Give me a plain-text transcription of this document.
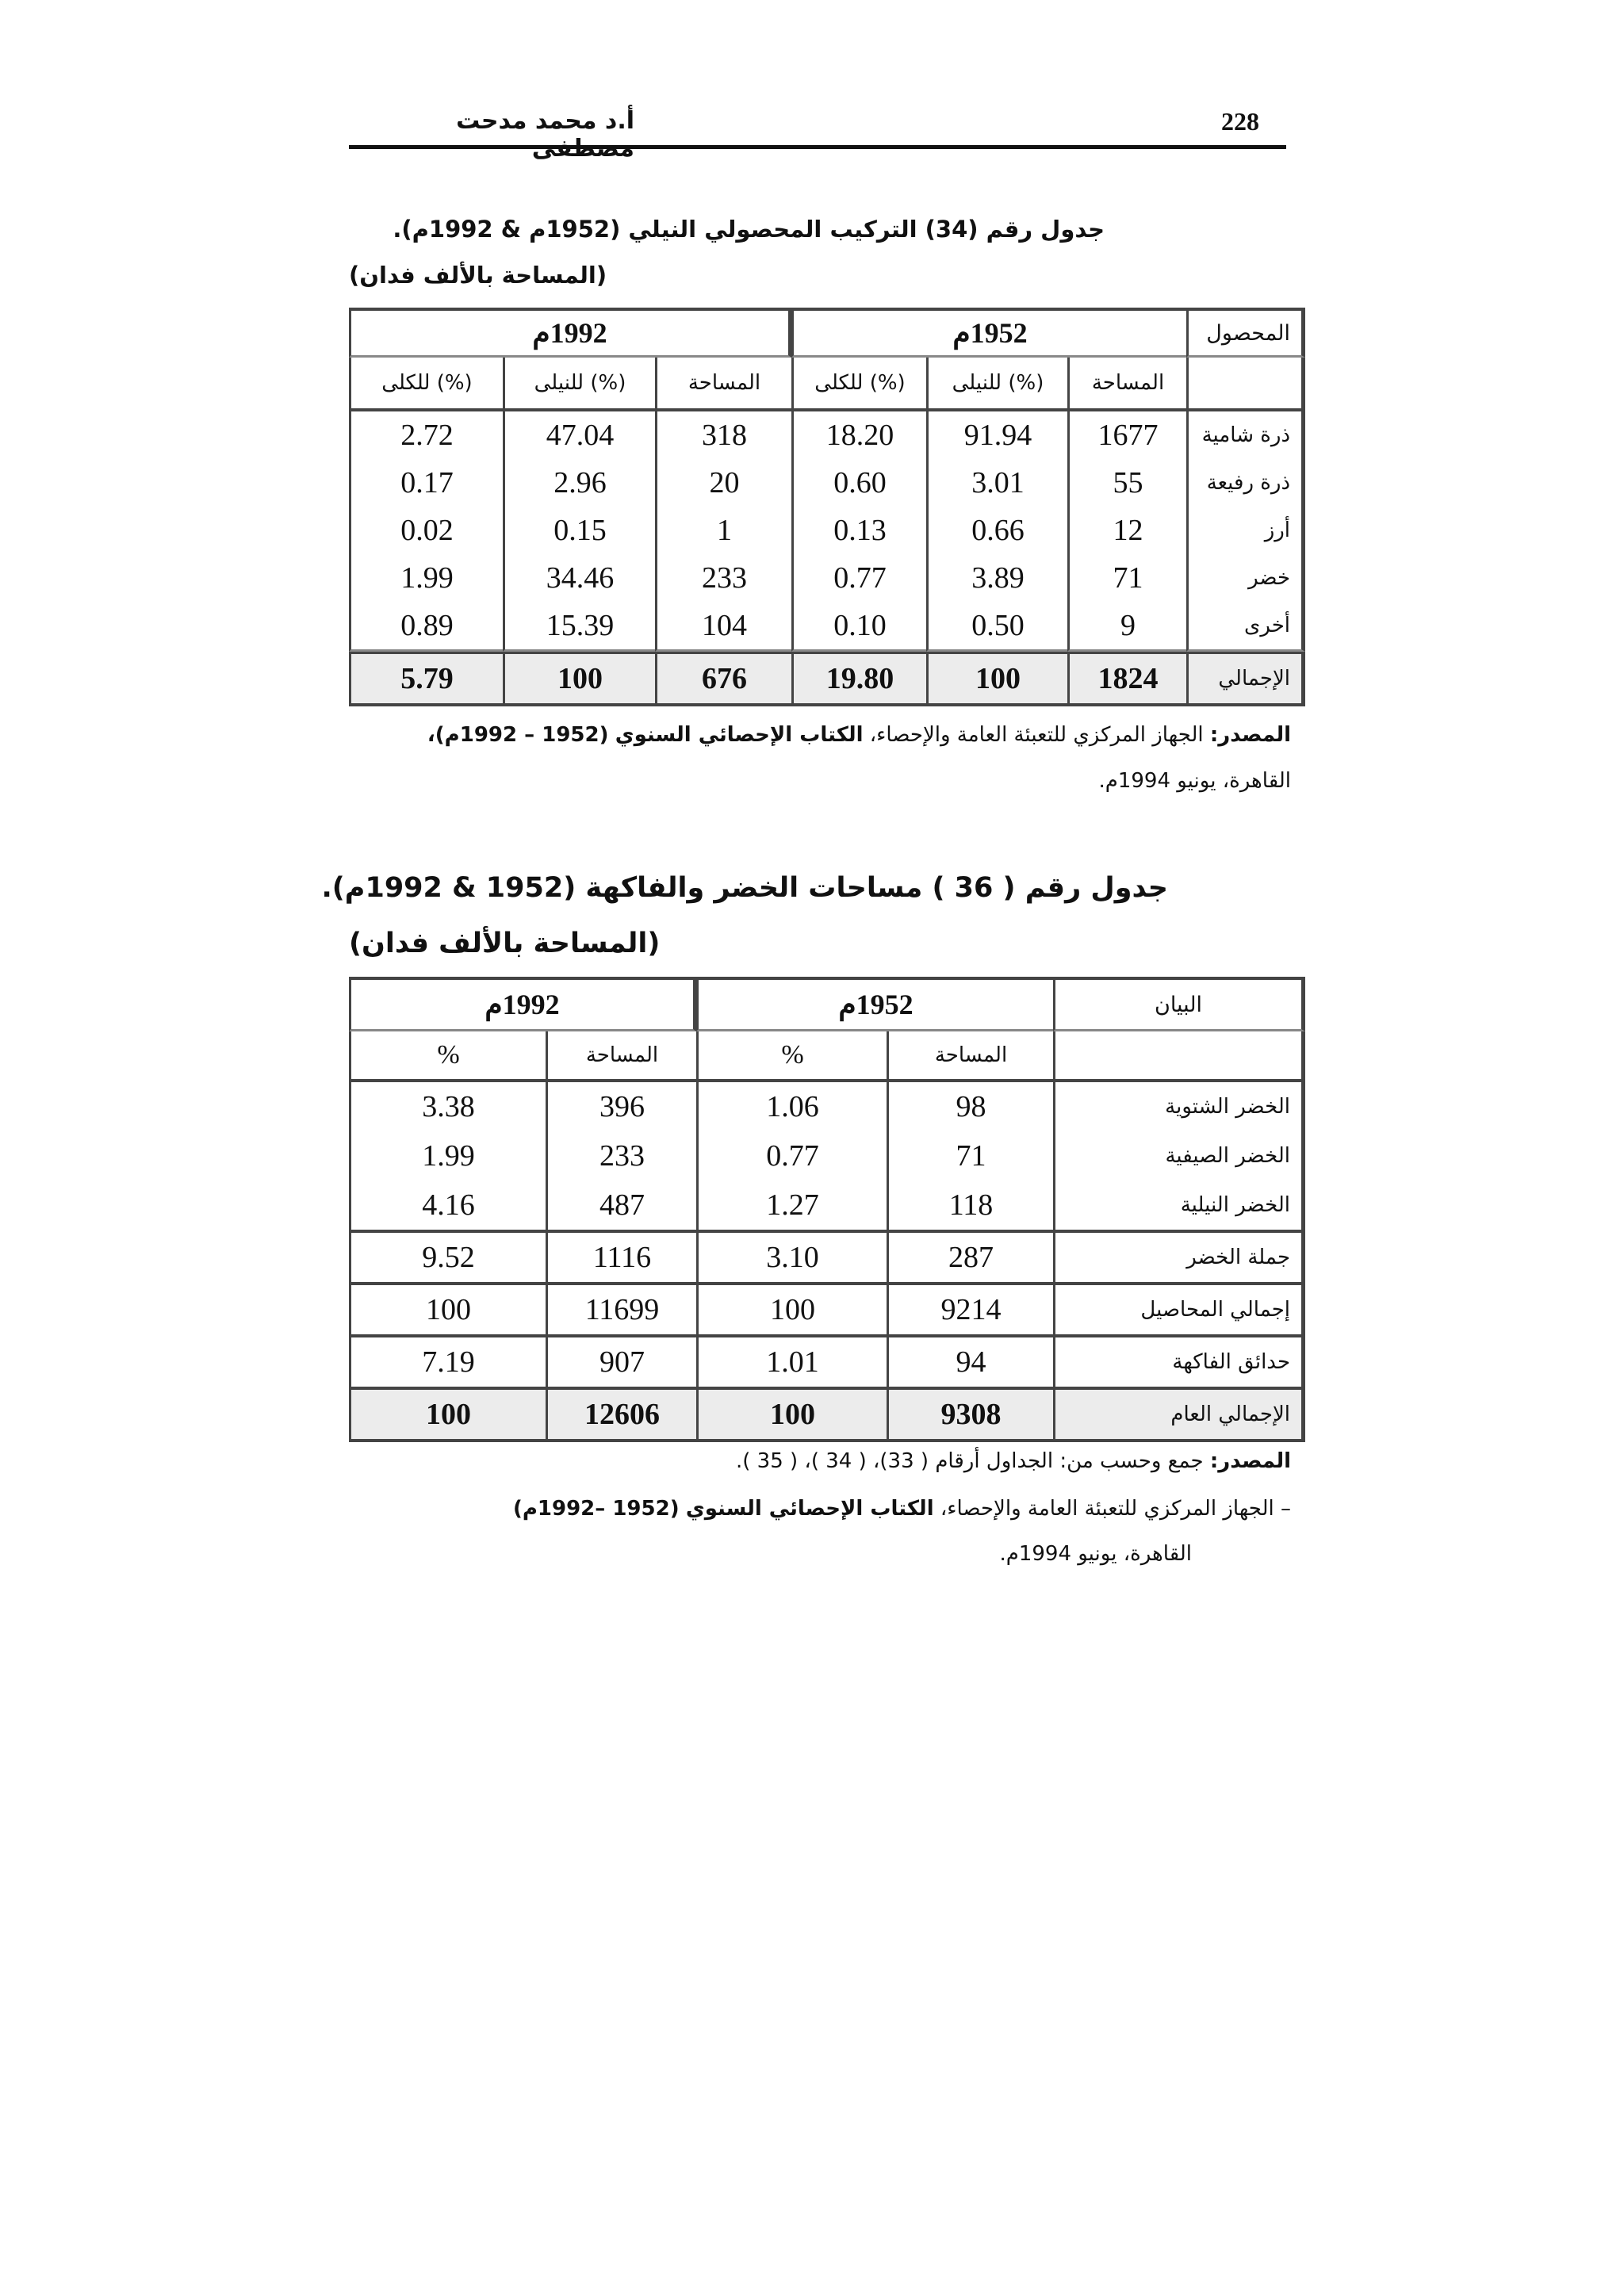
228
أ.د محمد مدحت
جدول رقم (34) التركيب المحصولي النيلي (1952م & 1992م).
(المساحة بالألف فدان)
1992م			1952م			المحصول
(%) للكلى	(%) للنيلى	المساحة	(%) للكلى	(%) للنيلى	المساحة	
2.72	47.04	318	18.20	91.94	1677	ذرة شامية
0.17	2.96	20	0.60	3.01	55	ذرة رفيعة
0.02	0.15	1	0.13	0.66	12	أرز
1.99	34.46	233	0.77	3.89	71	خضر
0.89	15.39	104	0.10	0.50	9	أخرى
5.79	100	676	19.80	100	1824	الإجمالي
المصدر: الجهاز المركزي للتعبئة العامة والإحصاء، الكتاب الإحصائي السنوي (1952 – 1992م)،
القاهرة، يونيو 1994م.
جدول رقم ( 36 ) مساحات الخضر والفاكهة (1952 & 1992م).
(المساحة بالألف فدان)
1992م		1952م		البيان
%	المساحة	%	المساحة	
3.38	396	1.06	98	الخضر الشتوية
1.99	233	0.77	71	الخضر الصيفية
4.16	487	1.27	118	الخضر النيلية
9.52	1116	3.10	287	جملة الخضر
100	11699	100	9214	إجمالي المحاصيل
7.19	907	1.01	94	حدائق الفاكهة
100	12606	100	9308	الإجمالي العام
المصدر: جمع وحسب من: الجداول أرقام ( 33)، ( 34 )، ( 35 ).
– الجهاز المركزي للتعبئة العامة والإحصاء، الكتاب الإحصائي السنوي (1952 –1992م)
القاهرة، يونيو 1994م.
